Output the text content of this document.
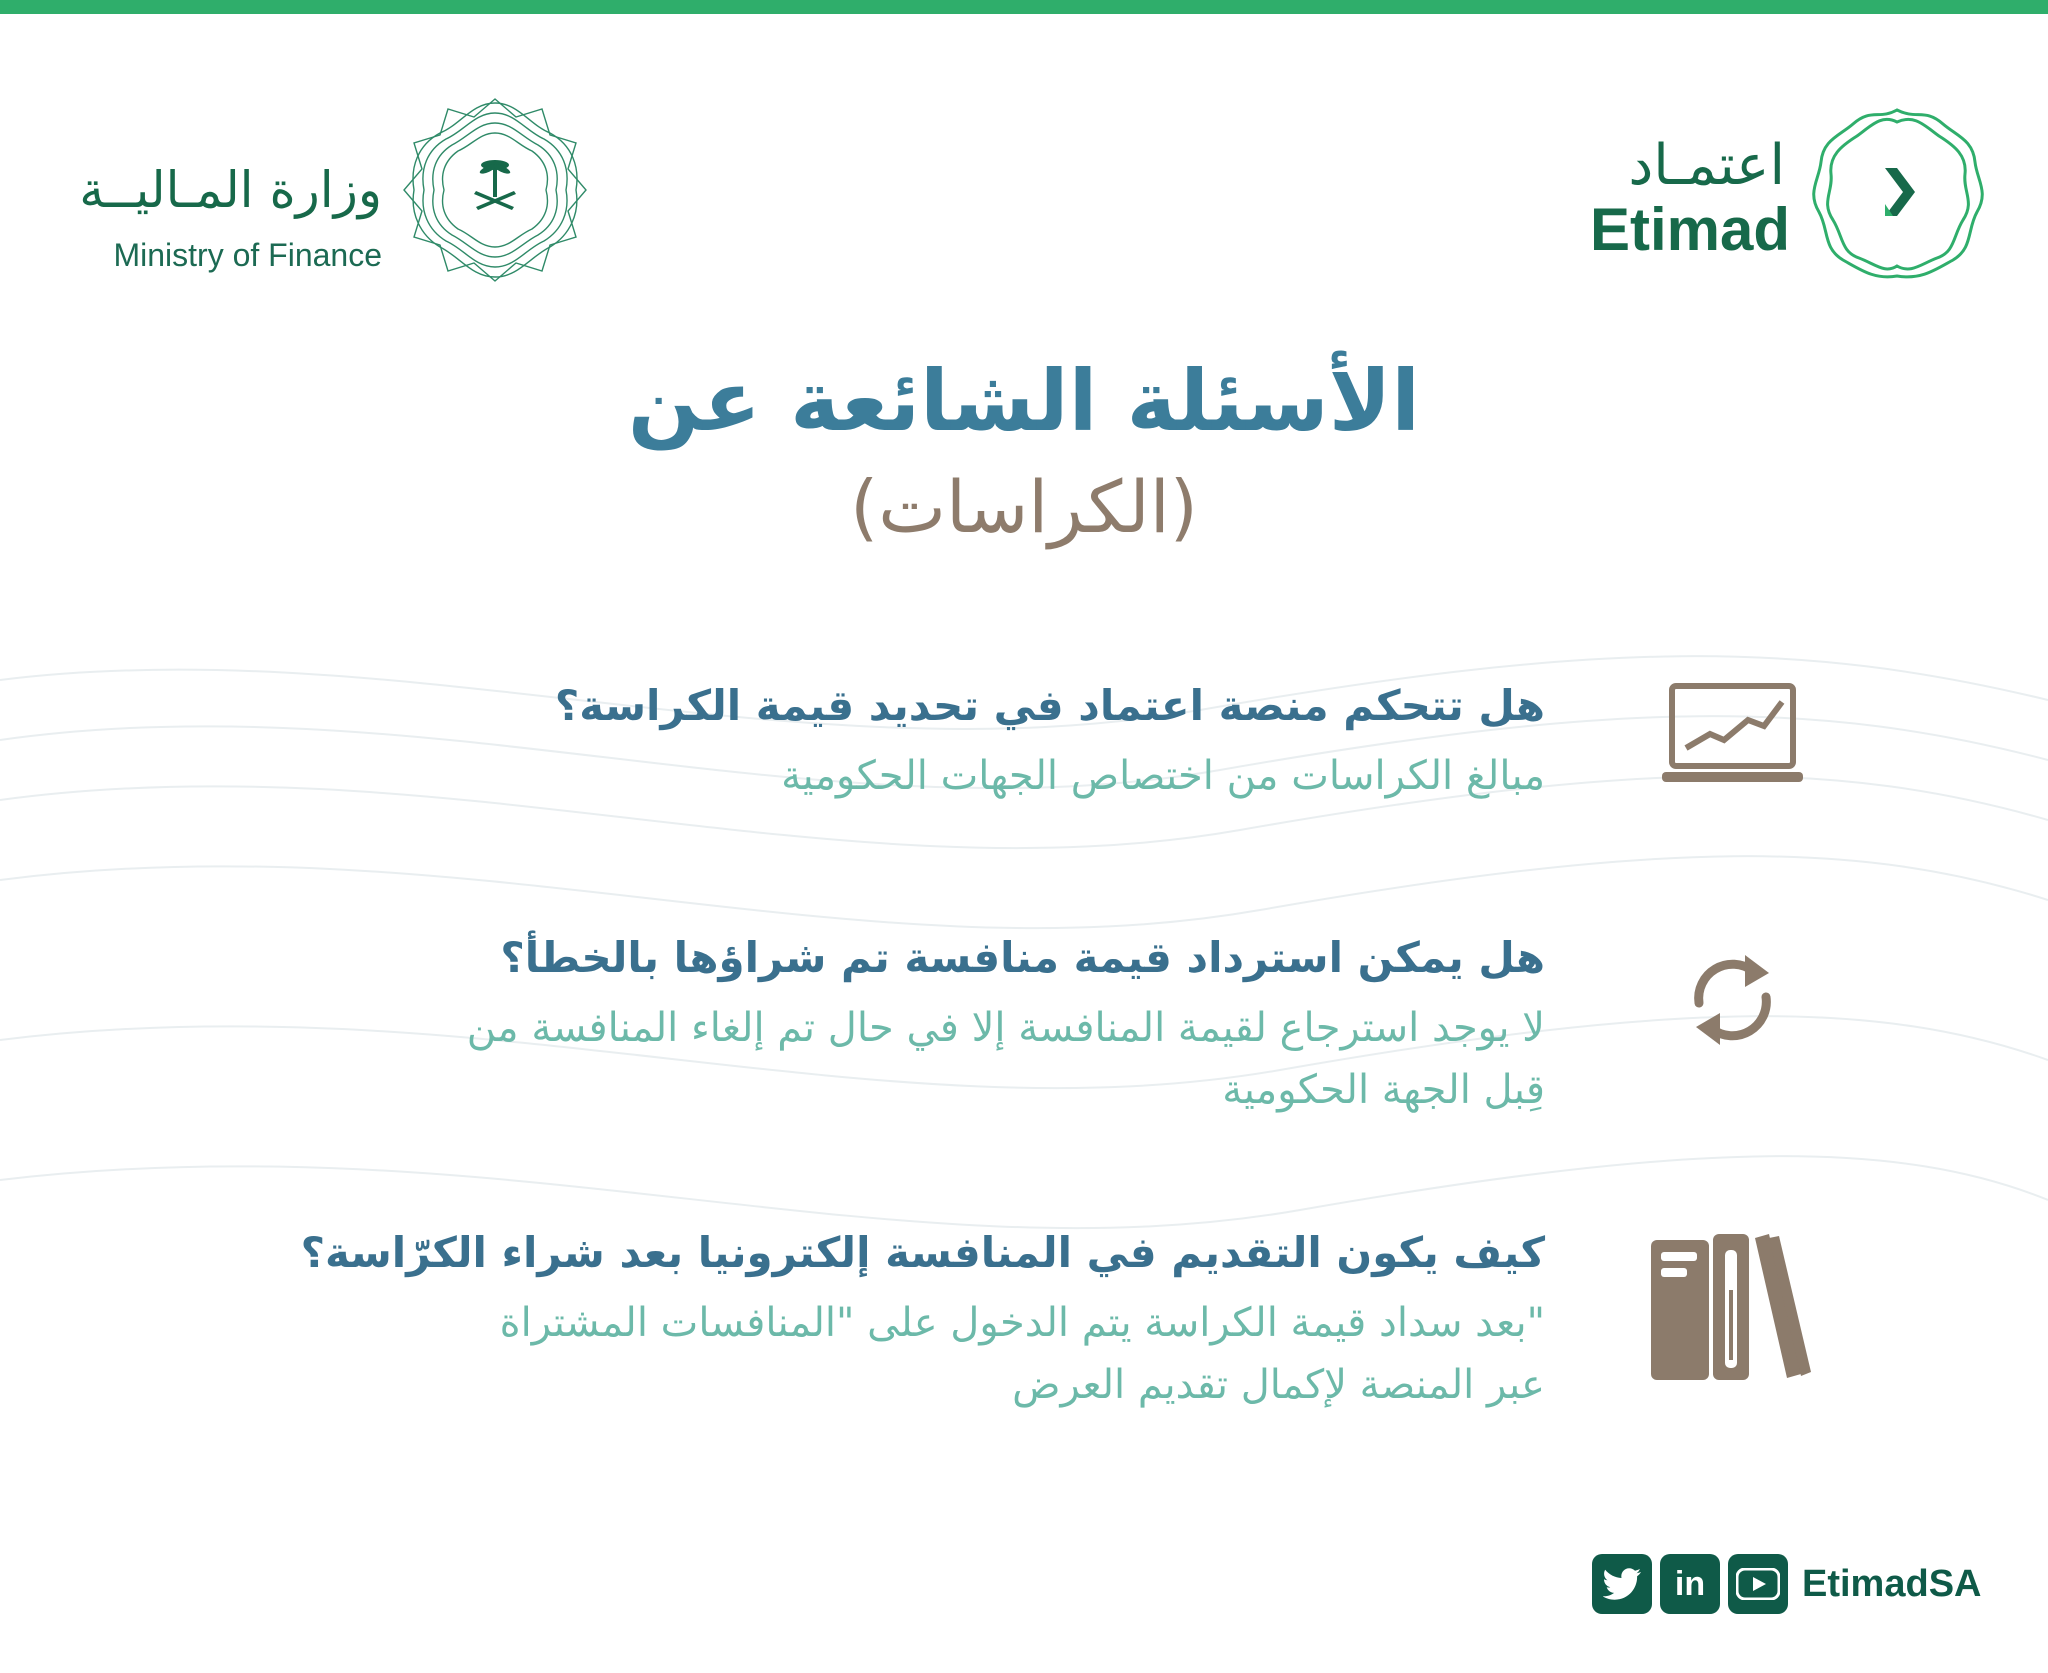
وزارة المـاليــة
Ministry of Finance
اعتمـاد
Etimad
الأسئلة الشائعة عن
(الكراسات)

هل تتحكم منصة اعتماد في تحديد قيمة الكراسة؟

مبالغ الكراسات من اختصاص الجهات الحكومية

هل يمكن استرداد قيمة منافسة تم شراؤها بالخطأ؟

لا يوجد استرجاع لقيمة المنافسة إلا في حال تم إلغاء المنافسة من
قِبل الجهة الحكومية

كيف يكون التقديم في المنافسة إلكترونيا بعد شراء الكرّاسة؟

"بعد سداد قيمة الكراسة يتم الدخول على "المنافسات المشتراة
عبر المنصة لإكمال تقديم العرض

in	EtimadSA
